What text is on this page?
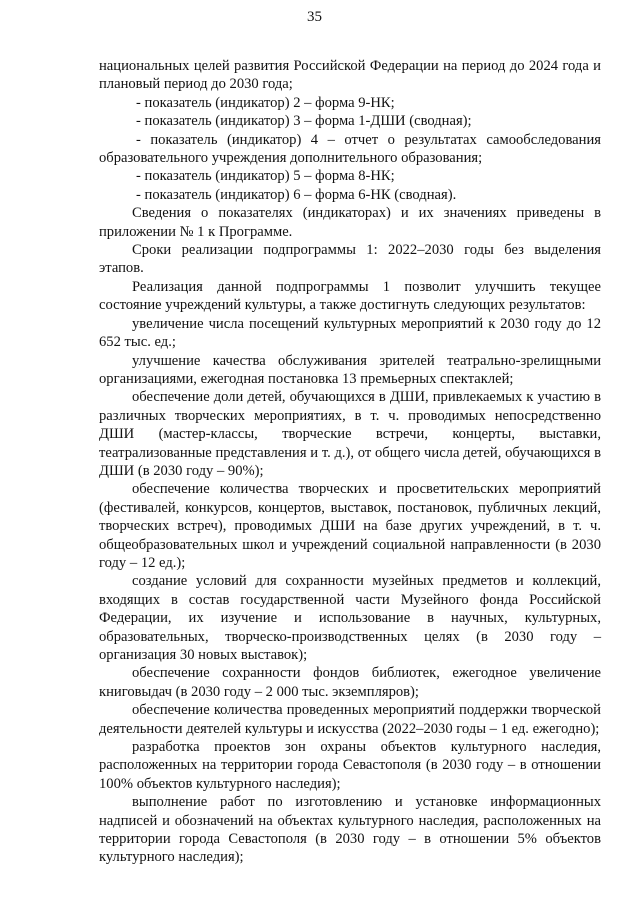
35

национальных целей развития Российской Федерации на период до 2024 года и плановый период до 2030 года;

- показатель (индикатор) 2 – форма 9-НК;

- показатель (индикатор) 3 – форма 1-ДШИ (сводная);

- показатель (индикатор) 4 – отчет о результатах самообследования образовательного учреждения дополнительного образования;

- показатель (индикатор) 5 – форма 8-НК;

- показатель (индикатор) 6 – форма 6-НК (сводная).

Сведения о показателях (индикаторах) и их значениях приведены в приложении № 1 к Программе.

Сроки реализации подпрограммы 1: 2022–2030 годы без выделения этапов.

Реализация данной подпрограммы 1 позволит улучшить текущее состояние учреждений культуры, а также достигнуть следующих результатов:

увеличение числа посещений культурных мероприятий к 2030 году до 12 652 тыс. ед.;

улучшение качества обслуживания зрителей театрально-зрелищными организациями, ежегодная постановка 13 премьерных спектаклей;

обеспечение доли детей, обучающихся в ДШИ, привлекаемых к участию в различных творческих мероприятиях, в т. ч. проводимых непосредственно ДШИ (мастер-классы, творческие встречи, концерты, выставки, театрализованные представления и т. д.), от общего числа детей, обучающихся в ДШИ (в 2030 году – 90%);

обеспечение количества творческих и просветительских мероприятий (фестивалей, конкурсов, концертов, выставок, постановок, публичных лекций, творческих встреч), проводимых ДШИ на базе других учреждений, в т. ч. общеобразовательных школ и учреждений социальной направленности (в 2030 году – 12 ед.);

создание условий для сохранности музейных предметов и коллекций, входящих в состав государственной части Музейного фонда Российской Федерации, их изучение и использование в научных, культурных, образовательных, творческо-производственных целях (в 2030 году – организация 30 новых выставок);

обеспечение сохранности фондов библиотек, ежегодное увеличение книговыдач (в 2030 году – 2 000 тыс. экземпляров);

обеспечение количества проведенных мероприятий поддержки творческой деятельности деятелей культуры и искусства (2022–2030 годы – 1 ед. ежегодно);

разработка проектов зон охраны объектов культурного наследия, расположенных на территории города Севастополя (в 2030 году – в отношении 100% объектов культурного наследия);

выполнение работ по изготовлению и установке информационных надписей и обозначений на объектах культурного наследия, расположенных на территории города Севастополя (в 2030 году – в отношении 5% объектов культурного наследия);
